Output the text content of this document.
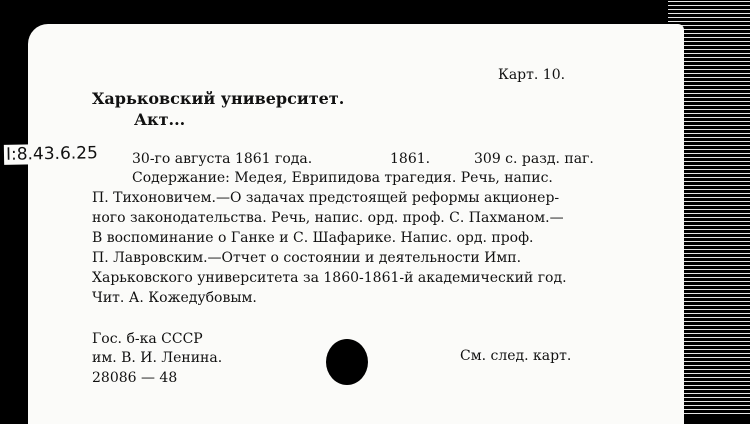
Карт. 10.
Харьковский университет.
Акт...
I:8.43.6.25 30-го августа 1861 года.	1861.	309 с. разд. паг.
Содержание: Медея, Еврипидова трагедия. Речь, напис.
П. Тихоновичем.—О задачах предстоящей реформы акционер-
ного законодательства. Речь, напис. орд. проф. С. Пахманом.—
В воспоминание о Ганке и С. Шафарике. Напис. орд. проф.
П. Лавровским.—Отчет о состоянии и деятельности Имп.
Харьковского университета за 1860-1861-й академический год.
Чит. А. Кожедубовым.
Гос. б-ка СССР
им. В. И. Ленина.
28086 — 48
См. след. карт.
